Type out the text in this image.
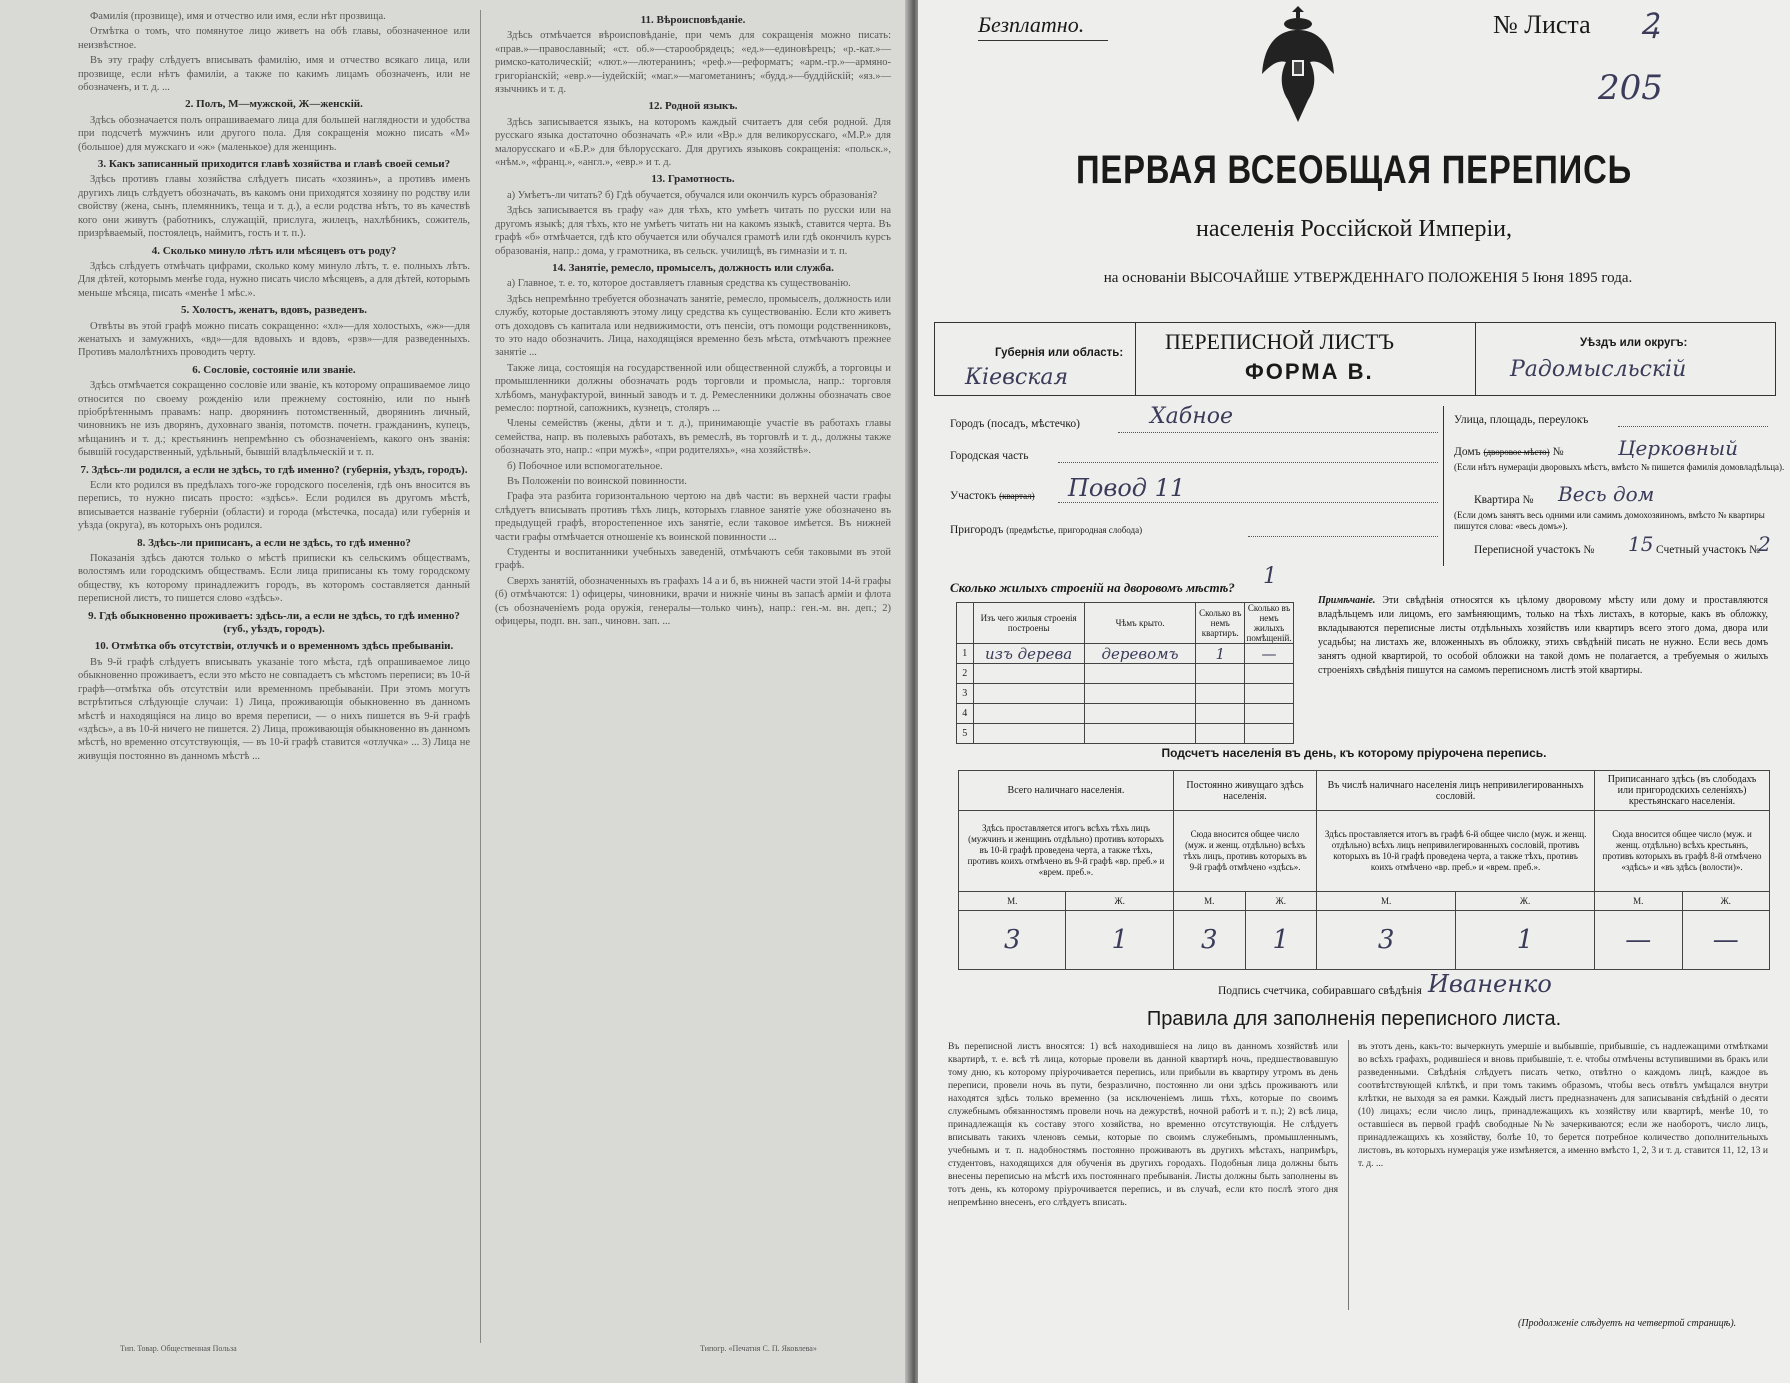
Фамилія (прозвище), имя и отчество или имя, если нѣт прозвища.
Отмѣтка о томъ, что помянутое лицо живетъ на обѣ главы, обозначенное или неизвѣстное.
Въ эту графу слѣдуетъ вписывать фамилію, имя и отчество всякаго лица, или прозвище, если нѣтъ фамиліи, а также по какимъ лицамъ обозначенъ, или не обозначенъ, и т. д. ...
2. Полъ, М—мужской, Ж—женскій.
Здѣсь обозначается полъ опрашиваемаго лица для большей наглядности и удобства при подсчетѣ мужчинъ или другого пола. Для сокращенія можно писать «М» (большое) для мужскаго и «ж» (маленькое) для женщинъ.
3. Какъ записанный приходится главѣ хозяйства и главѣ своей семьи?
Здѣсь противъ главы хозяйства слѣдуетъ писать «хозяинъ», а противъ именъ другихъ лицъ слѣдуетъ обозначать, въ какомъ они приходятся хозяину по родству или свойству (жена, сынъ, племянникъ, теща и т. д.), а если родства нѣтъ, то въ качествѣ кого они живутъ (работникъ, служащій, прислуга, жилецъ, нахлѣбникъ, сожитель, призрѣваемый, постоялецъ, наймитъ, гость и т. п.).
4. Сколько минуло лѣтъ или мѣсяцевъ отъ роду?
Здѣсь слѣдуетъ отмѣчать цифрами, сколько кому минуло лѣтъ, т. е. полныхъ лѣтъ. Для дѣтей, которымъ менѣе года, нужно писать число мѣсяцевъ, а для дѣтей, которымъ меньше мѣсяца, писать «менѣе 1 мѣс.».
5. Холостъ, женатъ, вдовъ, разведенъ.
Отвѣты въ этой графѣ можно писать сокращенно: «хл»—для холостыхъ, «ж»—для женатыхъ и замужнихъ, «вд»—для вдовыхъ и вдовъ, «рзв»—для разведенныхъ. Противъ малолѣтнихъ проводить черту.
6. Сословіе, состояніе или званіе.
Здѣсь отмѣчается сокращенно сословіе или званіе, къ которому опрашиваемое лицо относится по своему рожденію или прежнему состоянію, или по нынѣ пріобрѣтеннымъ правамъ: напр. дворянинъ потомственный, дворянинъ личный, чиновникъ не изъ дворянъ, духовнаго званія, потомств. почетн. гражданинъ, купецъ, мѣщанинъ и т. д.; крестьянинъ непремѣнно съ обозначеніемъ, какого онъ званія: бывшій государственный, удѣльный, бывшій владѣльческій и т. п.
7. Здѣсь-ли родился, а если не здѣсь, то гдѣ именно? (губернія, уѣздъ, городъ).
Если кто родился въ предѣлахъ того-же городского поселенія, гдѣ онъ вносится въ перепись, то нужно писать просто: «здѣсь». Если родился въ другомъ мѣстѣ, вписывается названіе губерніи (области) и города (мѣстечка, посада) или губернія и уѣзда (округа), въ которыхъ онъ родился.
8. Здѣсь-ли приписанъ, а если не здѣсь, то гдѣ именно?
Показанія здѣсь даются только о мѣстѣ приписки къ сельскимъ обществамъ, волостямъ или городскимъ обществамъ. Если лица приписаны къ тому городскому обществу, къ которому принадлежитъ городъ, въ которомъ составляется данный переписной листъ, то пишется слово «здѣсь».
9. Гдѣ обыкновенно проживаетъ: здѣсь-ли, а если не здѣсь, то гдѣ именно? (губ., уѣздъ, городъ).
10. Отмѣтка объ отсутствіи, отлучкѣ и о временномъ здѣсь пребываніи.
Въ 9-й графѣ слѣдуетъ вписывать указаніе того мѣста, гдѣ опрашиваемое лицо обыкновенно проживаетъ, если это мѣсто не совпадаетъ съ мѣстомъ переписи; въ 10-й графѣ—отмѣтка объ отсутствіи или временномъ пребываніи. При этомъ могутъ встрѣтиться слѣдующіе случаи: 1) Лица, проживающія обыкновенно въ данномъ мѣстѣ и находящіяся на лицо во время переписи, — о нихъ пишется въ 9-й графѣ «здѣсь», а въ 10-й ничего не пишется. 2) Лица, проживающія обыкновенно въ данномъ мѣстѣ, но временно отсутствующія, — въ 10-й графѣ ставится «отлучка» ... 3) Лица не живущія постоянно въ данномъ мѣстѣ ...
11. Вѣроисповѣданіе.
Здѣсь отмѣчается вѣроисповѣданіе, при чемъ для сокращенія можно писать: «прав.»—православный; «ст. об.»—старообрядецъ; «ед.»—единовѣрецъ; «р.-кат.»—римско-католическій; «лют.»—лютеранинъ; «реф.»—реформатъ; «арм.-гр.»—армяно-григоріанскій; «евр.»—іудейскій; «маг.»—магометанинъ; «будд.»—буддійскій; «яз.»—язычникъ и т. д.
12. Родной языкъ.
Здѣсь записывается языкъ, на которомъ каждый считаетъ для себя родной. Для русскаго языка достаточно обозначать «Р.» или «Вр.» для великорусскаго, «М.Р.» для малорусскаго и «Б.Р.» для бѣлорусскаго. Для другихъ языковъ сокращенія: «польск.», «нѣм.», «франц.», «англ.», «евр.» и т. д.
13. Грамотность.
а) Умѣетъ-ли читать? б) Гдѣ обучается, обучался или окончилъ курсъ образованія?
Здѣсь записывается въ графу «а» для тѣхъ, кто умѣетъ читать по русски или на другомъ языкѣ; для тѣхъ, кто не умѣетъ читать ни на какомъ языкѣ, ставится черта. Въ графѣ «б» отмѣчается, гдѣ кто обучается или обучался грамотѣ или гдѣ окончилъ курсъ образованія, напр.: дома, у грамотника, въ сельск. училищѣ, въ гимназіи и т. п.
14. Занятіе, ремесло, промыселъ, должность или служба.
а) Главное, т. е. то, которое доставляетъ главныя средства къ существованію.
Здѣсь непремѣнно требуется обозначать занятіе, ремесло, промыселъ, должность или службу, которые доставляютъ этому лицу средства къ существованію. Если кто живетъ отъ доходовъ съ капитала или недвижимости, отъ пенсіи, отъ помощи родственниковъ, то это надо обозначить. Лица, находящіяся временно безъ мѣста, отмѣчаютъ прежнее занятіе ...
Также лица, состоящія на государственной или общественной службѣ, а торговцы и промышленники должны обозначать родъ торговли и промысла, напр.: торговля хлѣбомъ, мануфактурой, винный заводъ и т. д. Ремесленники должны обозначать свое ремесло: портной, сапожникъ, кузнецъ, столяръ ...
Члены семействъ (жены, дѣти и т. д.), принимающіе участіе въ работахъ главы семейства, напр. въ полевыхъ работахъ, въ ремеслѣ, въ торговлѣ и т. д., должны также обозначать это, напр.: «при мужѣ», «при родителяхъ», «на хозяйствѣ».
б) Побочное или вспомогательное.
Въ Положеніи по воинской повинности.
Графа эта разбита горизонтальною чертою на двѣ части: въ верхней части графы слѣдуетъ вписывать противъ тѣхъ лицъ, которыхъ главное занятіе уже обозначено въ предыдущей графѣ, второстепенное ихъ занятіе, если таковое имѣется. Въ нижней части графы отмѣчается отношеніе къ воинской повинности ...
Студенты и воспитанники учебныхъ заведеній, отмѣчаютъ себя таковыми въ этой графѣ.
Сверхъ занятій, обозначенныхъ въ графахъ 14 а и б, въ нижней части этой 14-й графы (б) отмѣчаются: 1) офицеры, чиновники, врачи и нижніе чины въ запасѣ арміи и флота (съ обозначеніемъ рода оружія, генералы—только чинъ), напр.: ген.-м. вн. деп.; 2) офицеры, подп. вн. зап., чиновн. зап. ...
Тип. Товар. Общественная Польза	Типогр. «Печатня С. П. Яковлева»
Безплатно.	№ Листа Ꝝ
205
ПЕРВАЯ ВСЕОБЩАЯ ПЕРЕПИСЬ
населенія Россійской Имперіи,
на основаніи ВЫСОЧАЙШЕ УТВЕРЖДЕННАГО ПОЛОЖЕНІЯ 5 Іюня 1895 года.
Губернія или область:
Кіевская
ПЕРЕПИСНОЙ ЛИСТЪ
ФОРМА В.
Уѣздъ или округъ:
Радомысльскій
Городъ (посадъ, мѣстечко)	Хабное
Городская часть
Участокъ (квартал) Повод 11
Пригородъ (предмѣстье, пригородная слобода)
Улица, площадь, переулокъ
Домъ (дворовое мѣсто) №	Церковный
(Если нѣтъ нумераціи дворовыхъ мѣстъ, вмѣсто № пишется фамилія домовладѣльца).
Квартира № Весь дом
(Если домъ занятъ весь одними или самимъ домохозяиномъ, вмѣсто № квартиры пишутся слова: «весь домъ»).
Переписной участокъ № 15 Счетный участокъ №
2
Сколько жилыхъ строеній на дворовомъ мѣстѣ? 1
	Изъ чего жилыя строенія построены	Чѣмъ крыто.	Сколько въ немъ квартиръ.	Сколько въ немъ жилыхъ помѣщеній.
1	изъ дерева	деревомъ	1	—
2				
3				
4				
5				
Примѣчаніе. Эти свѣдѣнія относятся къ цѣлому дворовому мѣсту или дому и проставляются владѣльцемъ или лицомъ, его замѣняющимъ, только на тѣхъ листахъ, в которые, какъ въ обложку, вкладываются переписные листы отдѣльныхъ хозяйствъ или квартиръ всего этого дома, двора или усадьбы; на листахъ же, вложенныхъ въ обложку, этихъ свѣдѣній писать не нужно. Если весь домъ занятъ одной квартирой, то особой обложки на такой домъ не полагается, а требуемыя о жилыхъ строеніяхъ свѣдѣнія пишутся на самомъ переписномъ листѣ этой квартиры.
Подсчетъ населенія въ день, къ которому пріурочена перепись.
Всего наличнаго населенія.		Постоянно живущаго здѣсь населенія.		Въ числѣ наличнаго населенія лицъ непривилегированныхъ сословій.		Приписаннаго здѣсь (въ слободахъ или пригородскихъ селеніяхъ) крестьянскаго населенія.	
Здѣсь проставляется итогъ всѣхъ тѣхъ лицъ (мужчинъ и женщинъ отдѣльно) противъ которыхъ въ 10-й графѣ проведена черта, а также тѣхъ, противъ коихъ отмѣчено въ 9-й графѣ «вр. преб.» и «врем. преб.».		Сюда вносится общее число (муж. и женщ. отдѣльно) всѣхъ тѣхъ лицъ, противъ которыхъ въ 9-й графѣ отмѣчено «здѣсь».		Здѣсь проставляется итогъ въ графѣ 6-й общее число (муж. и женщ. отдѣльно) всѣхъ лицъ непривилегированныхъ сословій, противъ которыхъ въ 10-й графѣ проведена черта, а также тѣхъ, противъ коихъ отмѣчено «вр. преб.» и «врем. преб.».		Сюда вносится общее число (муж. и женщ. отдѣльно) всѣхъ крестьянъ, противъ которыхъ въ графѣ 8-й отмѣчено «здѣсь» и «въ здѣсь (волости)».	
М.	Ж.	М.	Ж.	М.	Ж.	М.	Ж.
3	1	3	1	3	1	—	—
Подпись счетчика, собиравшаго свѣдѣнія Иваненко
Правила для заполненія переписного листа.
Въ переписной листъ вносятся: 1) всѣ находившіеся на лицо въ данномъ хозяйствѣ или квартирѣ, т. е. всѣ тѣ лица, которые провели въ данной квартирѣ ночь, предшествовавшую тому дню, къ которому пріурочивается перепись, или прибыли въ квартиру утромъ въ день переписи, провели ночь въ пути, безразлично, постоянно ли они здѣсь проживаютъ или находятся здѣсь только временно (за исключеніемъ лишь тѣхъ, которые по своимъ служебнымъ обязанностямъ провели ночь на дежурствѣ, ночной работѣ и т. п.); 2) всѣ лица, принадлежащія къ составу этого хозяйства, но временно отсутствующія. Не слѣдуетъ вписывать такихъ членовъ семьи, которые по своимъ служебнымъ, промышленнымъ, учебнымъ и т. п. надобностямъ постоянно проживаютъ въ другихъ мѣстахъ, напримѣръ, студентовъ, находящихся для обученія въ другихъ городахъ. Подобныя лица должны быть внесены переписью на мѣстѣ ихъ постояннаго пребыванія. Листы должны быть заполнены въ тотъ день, къ которому пріурочивается перепись, и въ случаѣ, если кто послѣ этого дня непремѣнно внесенъ, его слѣдуетъ вписать.
въ этотъ день, какъ-то: вычеркнуть умершіе и выбывшіе, прибывшіе, съ надлежащими отмѣтками во всѣхъ графахъ, родившіеся и вновь прибывшіе, т. е. чтобы отмѣчены вступившими въ бракъ или разведенными. Свѣдѣнія слѣдуетъ писать четко, отвѣтно о каждомъ лицѣ, каждое въ соотвѣтствующей клѣткѣ, и при томъ такимъ образомъ, чтобы весь отвѣтъ умѣщался внутри клѣтки, не выходя за ея рамки. Каждый листъ предназначенъ для записыванія свѣдѣній о десяти (10) лицахъ; если число лицъ, принадлежащихъ къ хозяйству или квартирѣ, менѣе 10, то оставшіеся въ первой графѣ свободные №№ зачеркиваются; если же наоборотъ, число лицъ, принадлежащихъ къ хозяйству, болѣе 10, то берется потребное количество дополнительныхъ листовъ, въ которыхъ нумерація уже измѣняется, а именно вмѣсто 1, 2, 3 и т. д. ставится 11, 12, 13 и т. д. ...
(Продолженіе слѣдуетъ на четвертой страницѣ).
